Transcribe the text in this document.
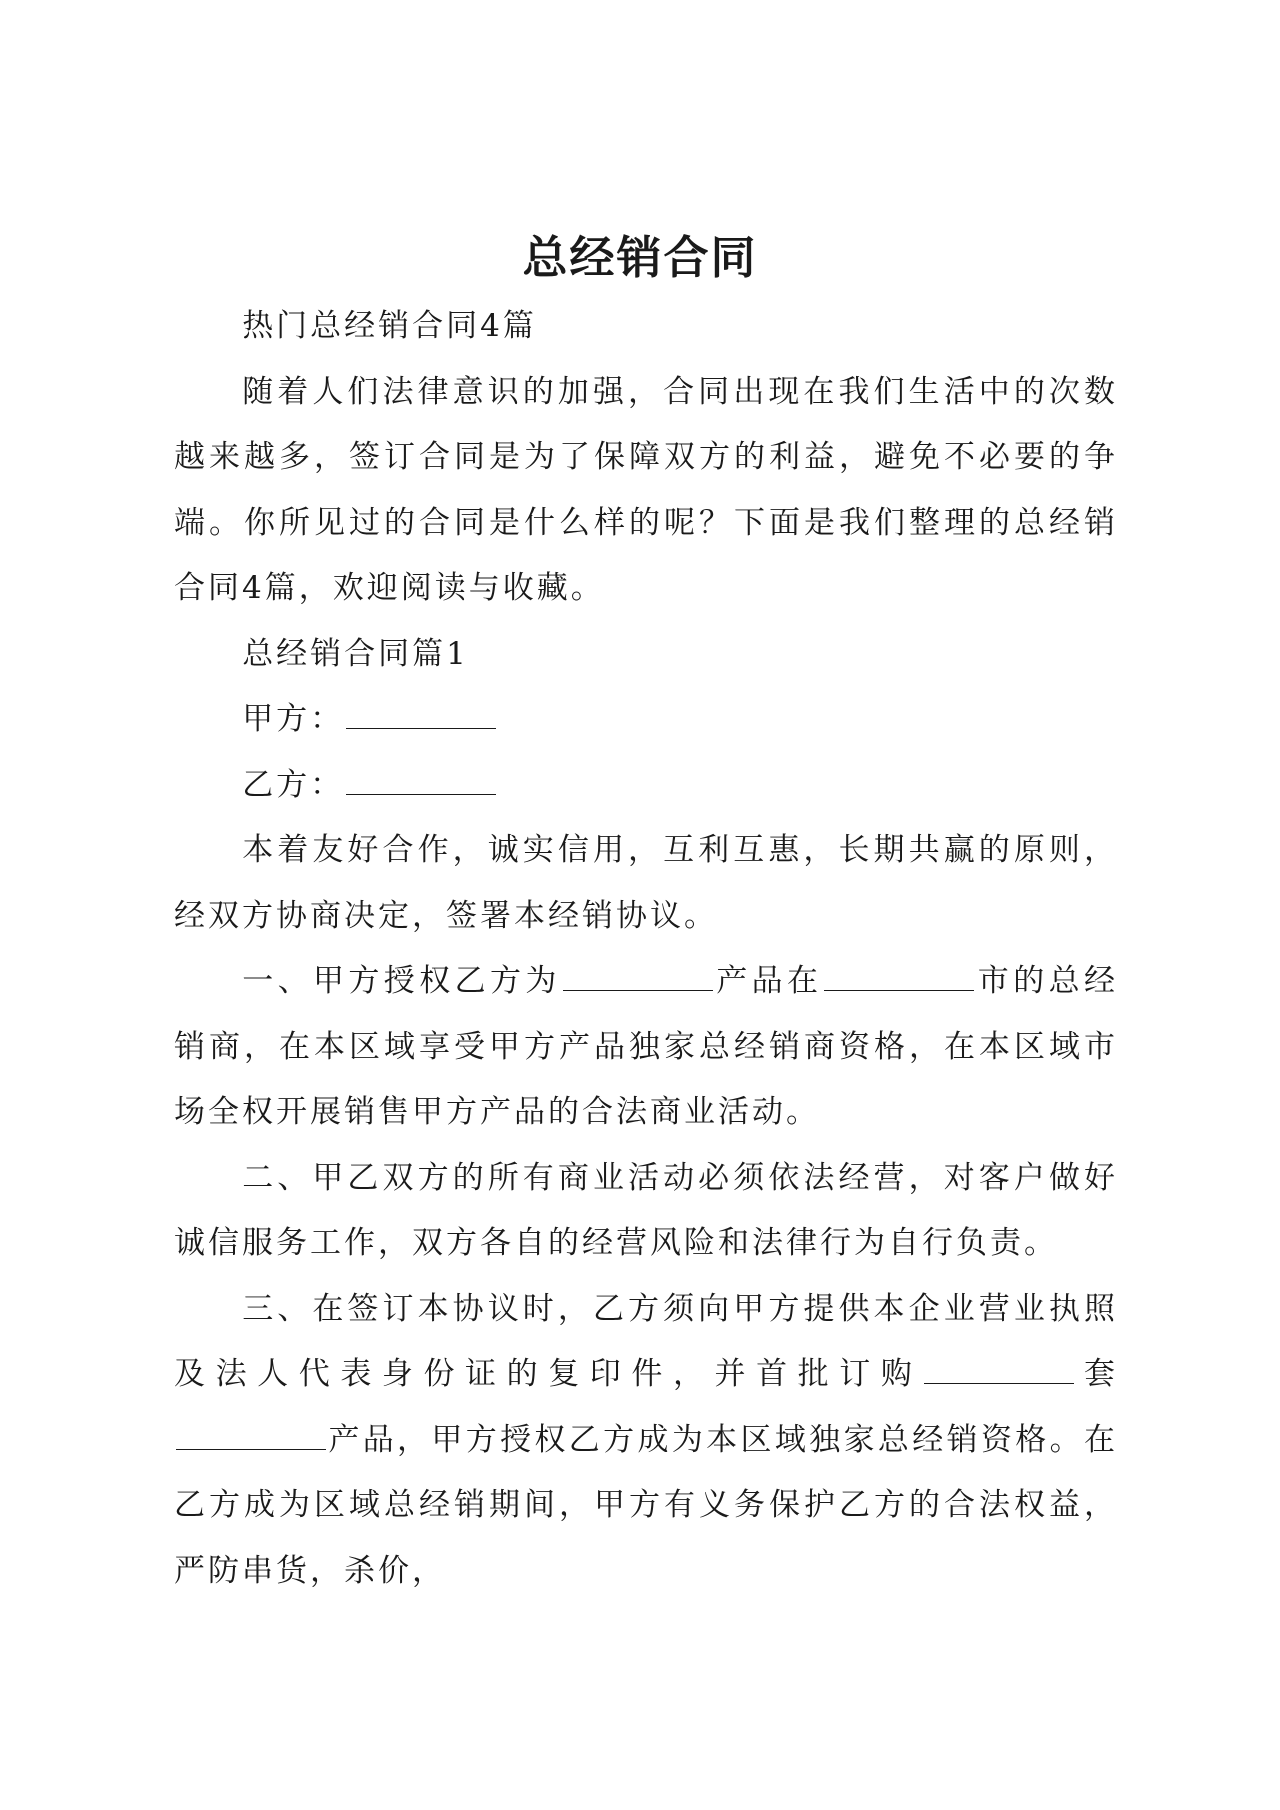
总经销合同

热门总经销合同4篇

随着人们法律意识的加强，合同出现在我们生活中的次数越来越多，签订合同是为了保障双方的利益，避免不必要的争端。你所见过的合同是什么样的呢？下面是我们整理的总经销合同4篇，欢迎阅读与收藏。

总经销合同篇1

甲方：

乙方：

本着友好合作，诚实信用，互利互惠，长期共赢的原则，经双方协商决定，签署本经销协议。

一、甲方授权乙方为	产品在	市的总经销商，在本区域享受甲方产品独家总经销商资格，在本区域市场全权开展销售甲方产品的合法商业活动。

二、甲乙双方的所有商业活动必须依法经营，对客户做好诚信服务工作，双方各自的经营风险和法律行为自行负责。

三、在签订本协议时，乙方须向甲方提供本企业营业执照及法人代表身份证的复印件，并首批订购	套产品，甲方授权乙方成为本区域独家总经销资格。在乙方成为区域总经销期间，甲方有义务保护乙方的合法权益，严防串货，杀价，
